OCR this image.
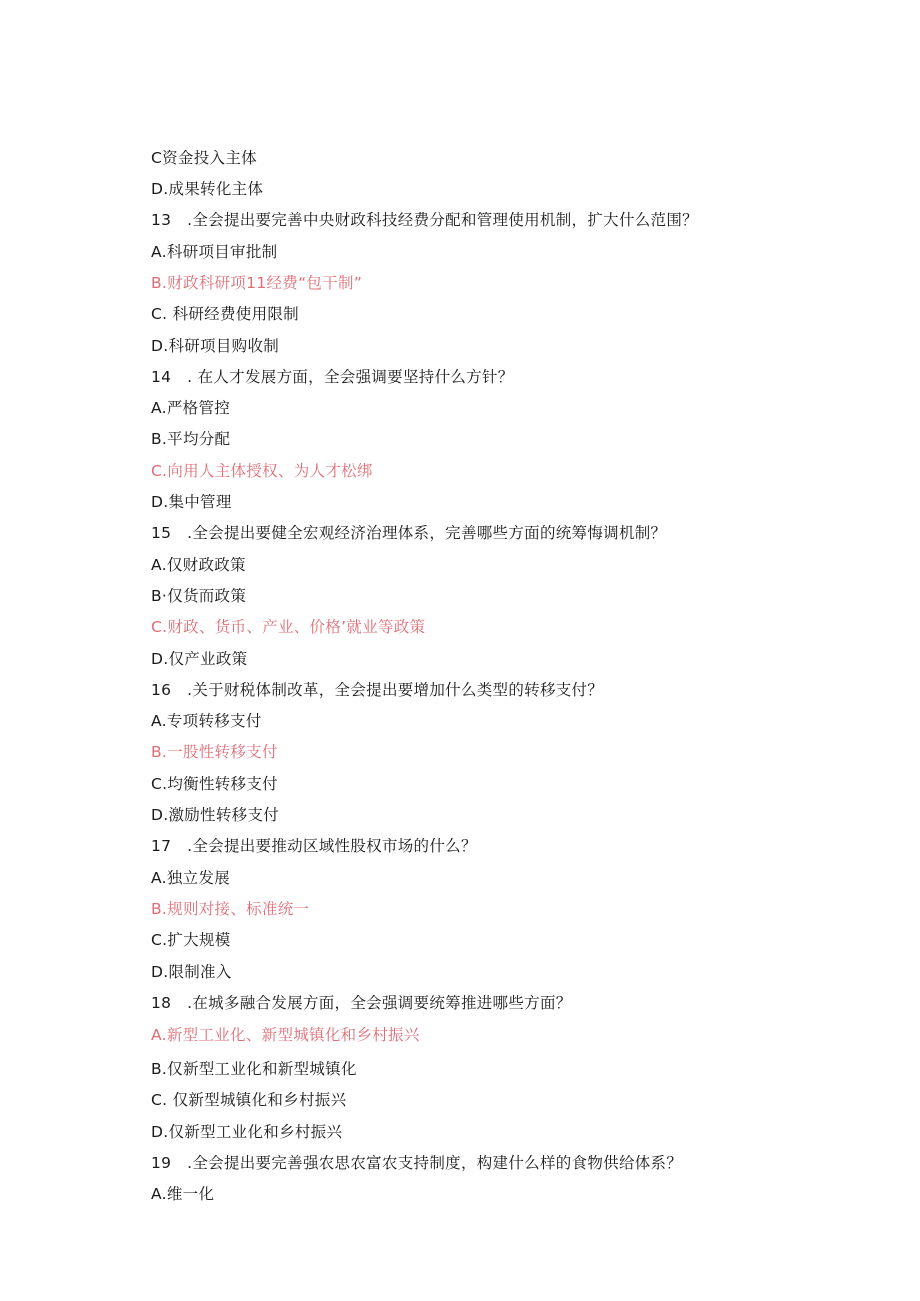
C资金投入主体
D.成果转化主体
13　.全会提出要完善中央财政科技经费分配和管理使用机制，扩大什么范围？
A.科研项目审批制
B.财政科研项11经费“包干制”
C. 科研经费使用限制
D.科研项目购收制
14　. 在人才发展方面，全会强调要坚持什么方针？
A.严格管控
B.平均分配
C.向用人主体授权、为人才松绑
D.集中管理
15　.全会提出要健全宏观经济治理体系，完善哪些方面的统筹悔调机制？
A.仅财政政策
B·仅货而政策
C.财政、货币、产业、价格’就业等政策
D.仅产业政策
16　.关于财税体制改革，全会提出要增加什么类型的转移支付？
A.专项转移支付
B.一股性转移支付
C.均衡性转移支付
D.激励性转移支付
17　.全会提出要推动区域性股权市场的什么？
A.独立发展
B.规则对接、标准统一
C.扩大规模
D.限制准入
18　.在城多融合发展方面，全会强调要统筹推进哪些方面？
A.新型工业化、新型城镇化和乡村振兴
B.仅新型工业化和新型城镇化
C. 仅新型城镇化和乡村振兴
D.仅新型工业化和乡村振兴
19　.全会提出要完善强农思农富农支持制度，构建什么样的食物供给体系？
A.维一化
